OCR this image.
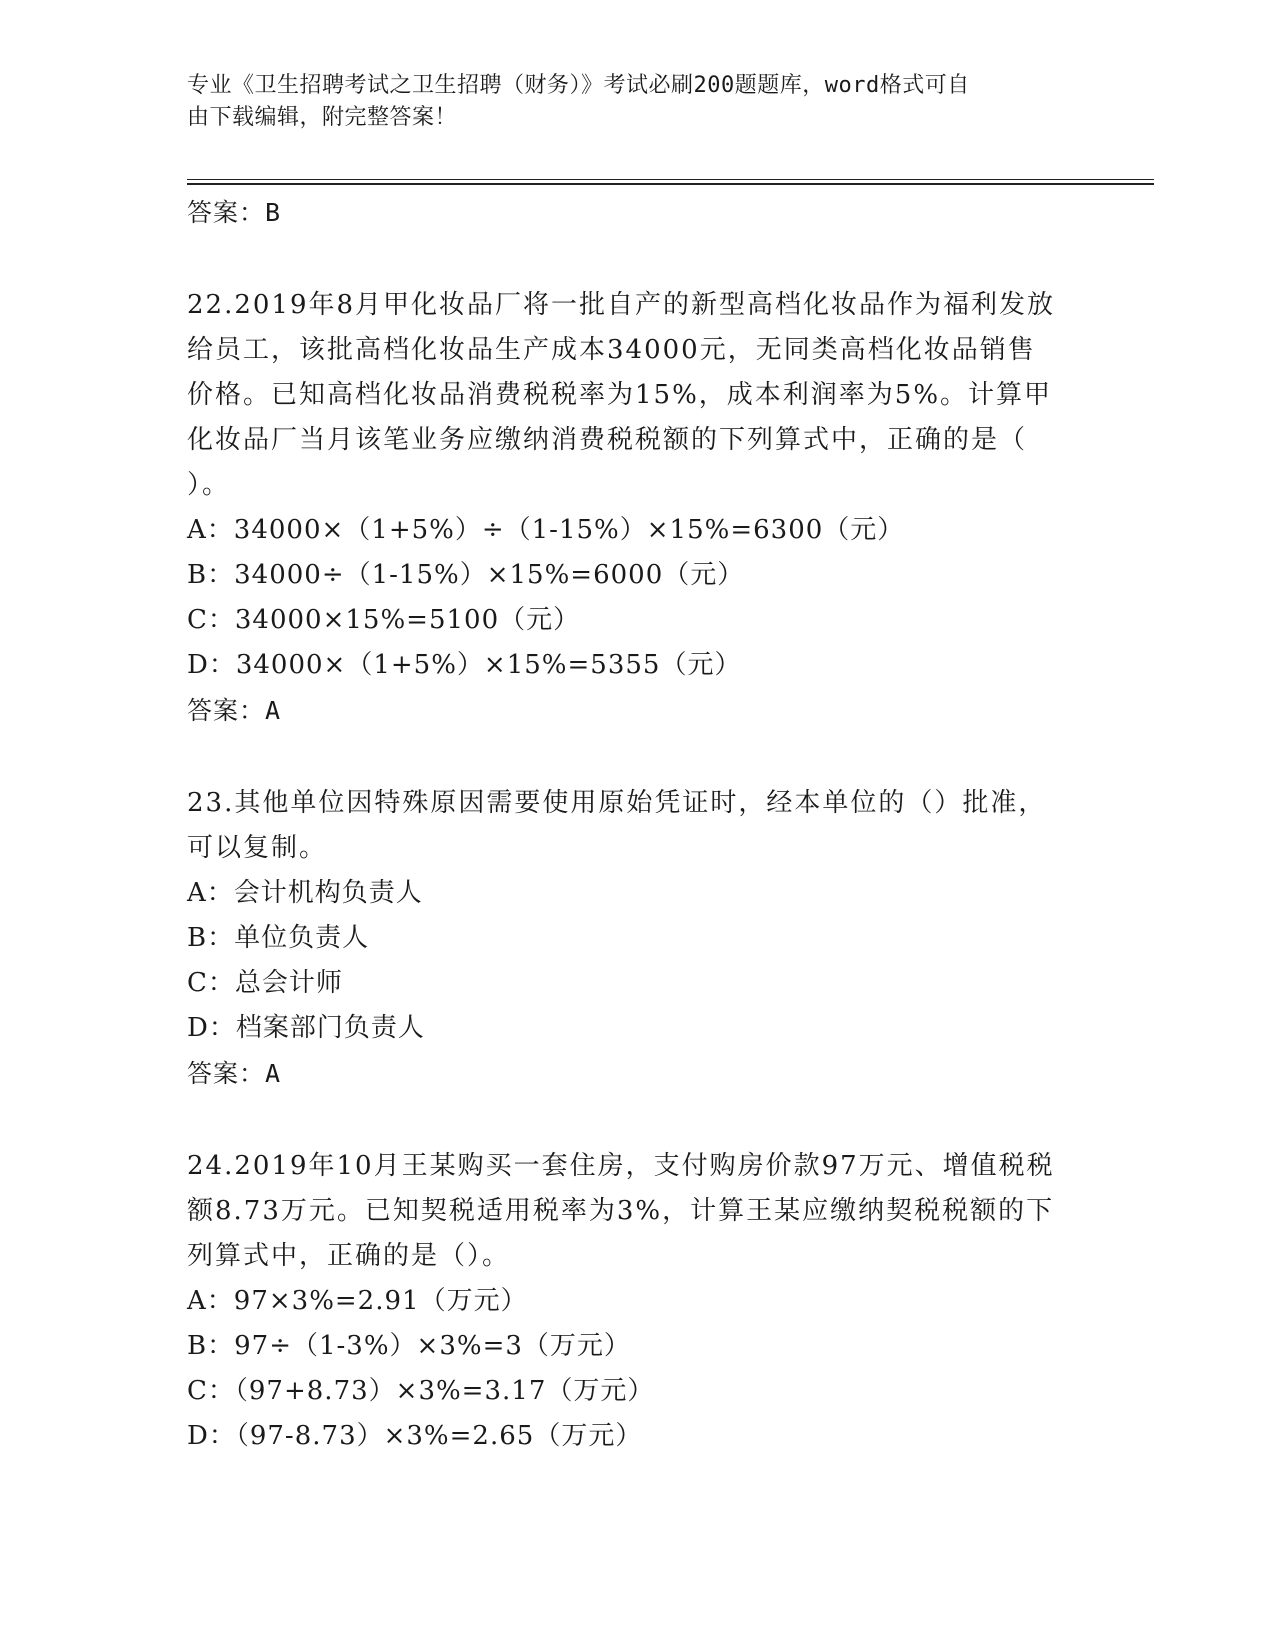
专业《卫生招聘考试之卫生招聘（财务）》考试必刷200题题库，word格式可自
由下载编辑，附完整答案！
答案：B
22.2019年8月甲化妆品厂将一批自产的新型高档化妆品作为福利发放
给员工，该批高档化妆品生产成本34000元，无同类高档化妆品销售
价格。已知高档化妆品消费税税率为15%，成本利润率为5%。计算甲
化妆品厂当月该笔业务应缴纳消费税税额的下列算式中，正确的是（
）。
A：34000×（1+5%）÷（1-15%）×15%=6300（元）
B：34000÷（1-15%）×15%=6000（元）
C：34000×15%=5100（元）
D：34000×（1+5%）×15%=5355（元）
答案：A
23.其他单位因特殊原因需要使用原始凭证时，经本单位的（）批准，
可以复制。
A：会计机构负责人
B：单位负责人
C：总会计师
D：档案部门负责人
答案：A
24.2019年10月王某购买一套住房，支付购房价款97万元、增值税税
额8.73万元。已知契税适用税率为3%，计算王某应缴纳契税税额的下
列算式中，正确的是（）。
A：97×3%=2.91（万元）
B：97÷（1-3%）×3%=3（万元）
C：（97+8.73）×3%=3.17（万元）
D：（97-8.73）×3%=2.65（万元）
